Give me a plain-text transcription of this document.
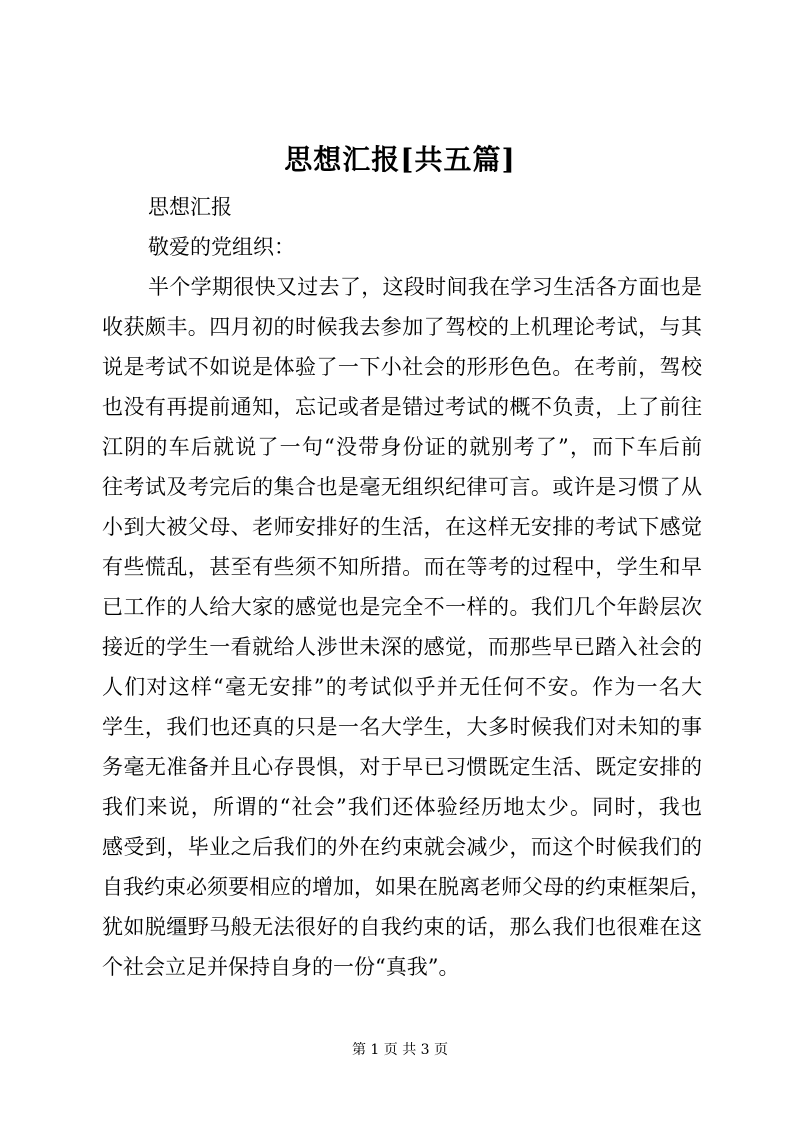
思想汇报[共五篇]
思想汇报
敬爱的党组织：
半个学期很快又过去了，这段时间我在学习生活各方面也是
收获颇丰。四月初的时候我去参加了驾校的上机理论考试，与其
说是考试不如说是体验了一下小社会的形形色色。在考前，驾校
也没有再提前通知，忘记或者是错过考试的概不负责，上了前往
江阴的车后就说了一句“没带身份证的就别考了”，而下车后前
往考试及考完后的集合也是毫无组织纪律可言。或许是习惯了从
小到大被父母、老师安排好的生活，在这样无安排的考试下感觉
有些慌乱，甚至有些须不知所措。而在等考的过程中，学生和早
已工作的人给大家的感觉也是完全不一样的。我们几个年龄层次
接近的学生一看就给人涉世未深的感觉，而那些早已踏入社会的
人们对这样“毫无安排”的考试似乎并无任何不安。作为一名大
学生，我们也还真的只是一名大学生，大多时候我们对未知的事
务毫无准备并且心存畏惧，对于早已习惯既定生活、既定安排的
我们来说，所谓的“社会”我们还体验经历地太少。同时，我也
感受到，毕业之后我们的外在约束就会减少，而这个时候我们的
自我约束必须要相应的增加，如果在脱离老师父母的约束框架后，
犹如脱缰野马般无法很好的自我约束的话，那么我们也很难在这
个社会立足并保持自身的一份“真我”。
第 1 页 共 3 页
